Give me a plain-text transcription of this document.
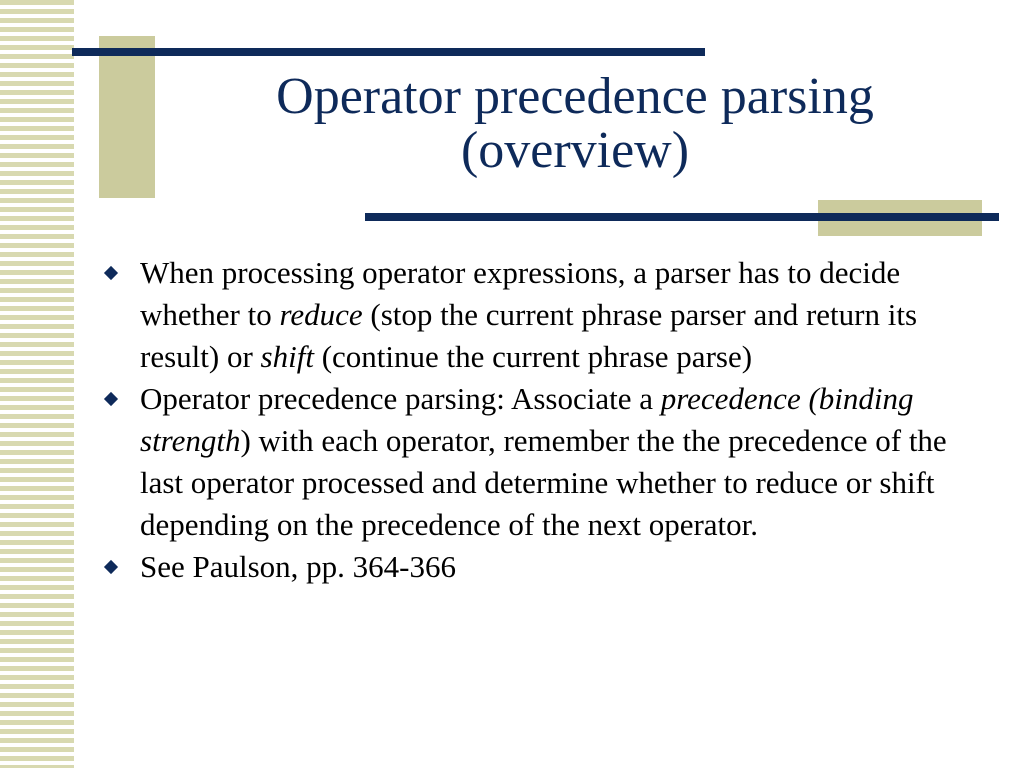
Operator precedence parsing
(overview)
When processing operator expressions, a parser has to decide whether to reduce (stop the current phrase parser and return its result) or shift (continue the current phrase parse)
Operator precedence parsing: Associate a precedence (binding strength) with each operator, remember the the precedence of the last operator processed and determine whether to reduce or shift depending on the precedence of the next operator.
See Paulson, pp. 364-366
